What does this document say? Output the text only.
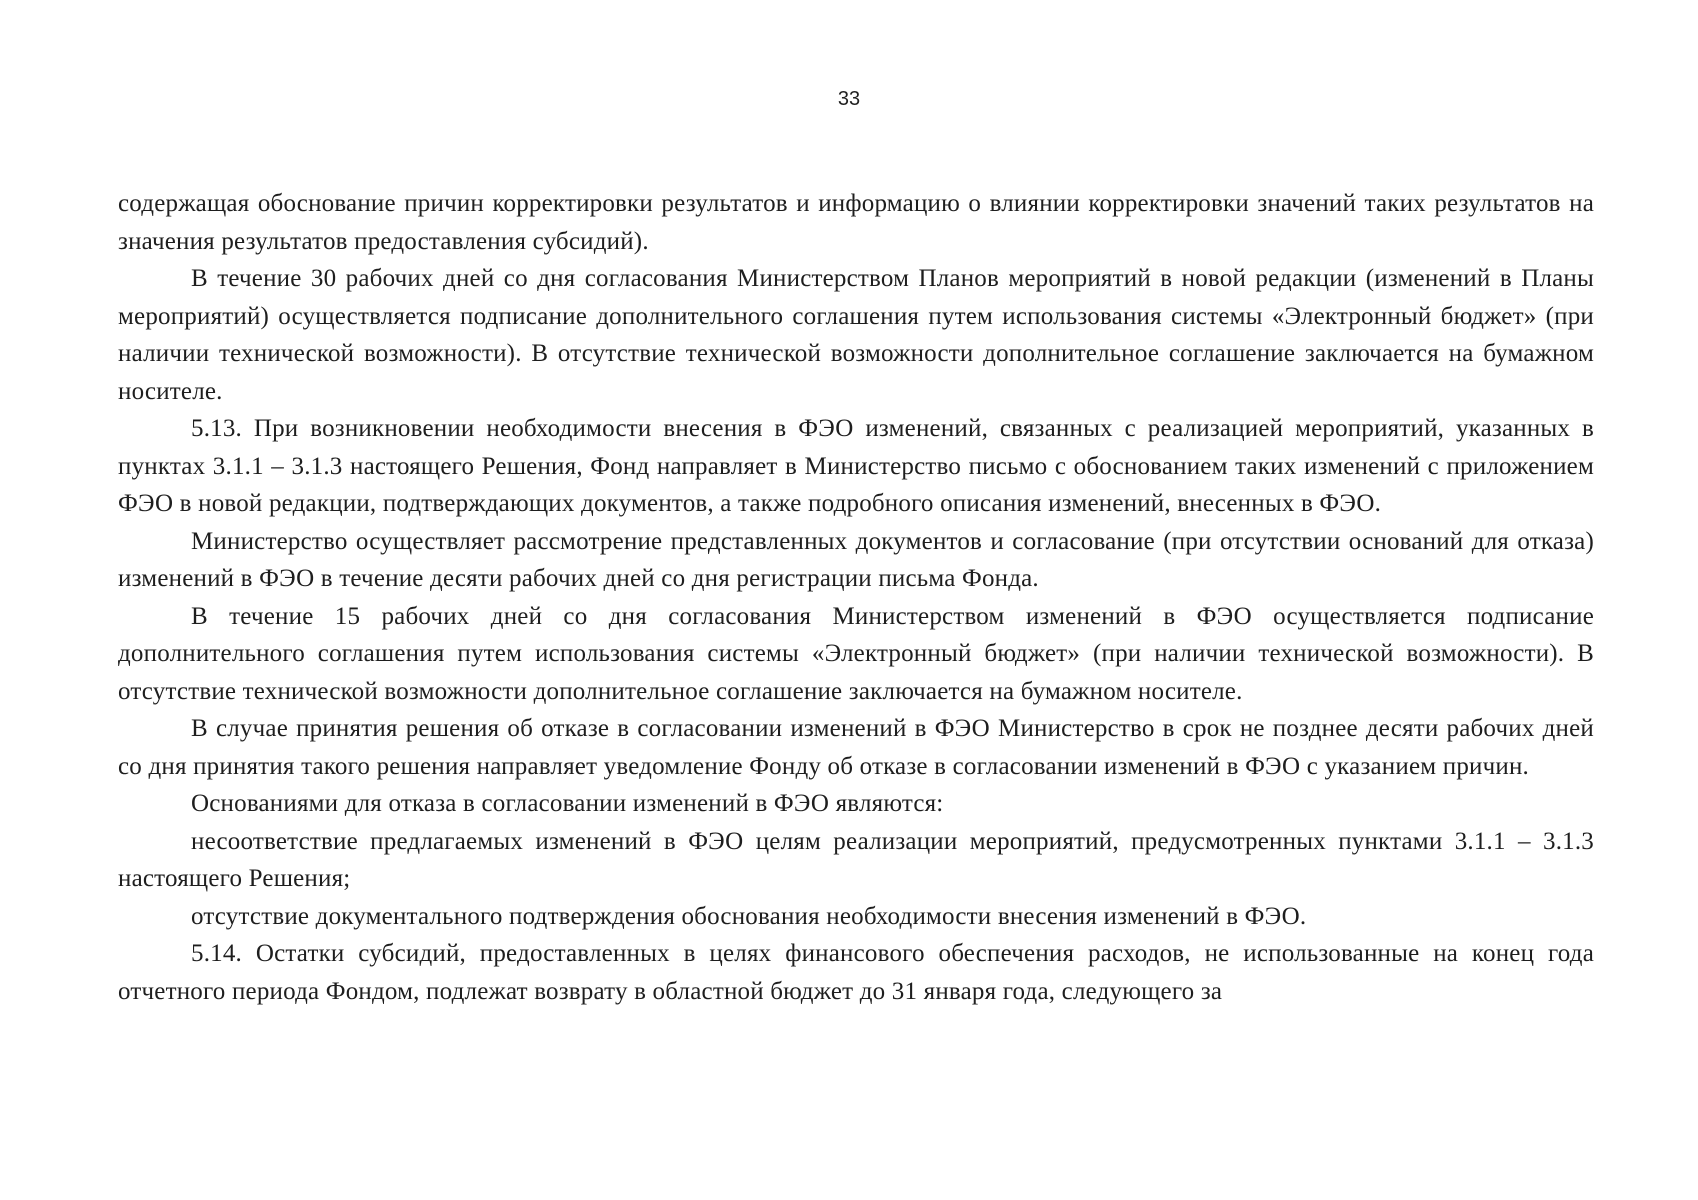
33

содержащая обоснование причин корректировки результатов и информацию о влиянии корректировки значений таких результатов на значения результатов предоставления субсидий).

В течение 30 рабочих дней со дня согласования Министерством Планов мероприятий в новой редакции (изменений в Планы мероприятий) осуществляется подписание дополнительного соглашения путем использования системы «Электронный бюджет» (при наличии технической возможности). В отсутствие технической возможности дополнительное соглашение заключается на бумажном носителе.

5.13. При возникновении необходимости внесения в ФЭО изменений, связанных с реализацией мероприятий, указанных в пунктах 3.1.1 – 3.1.3 настоящего Решения, Фонд направляет в Министерство письмо с обоснованием таких изменений с приложением ФЭО в новой редакции, подтверждающих документов, а также подробного описания изменений, внесенных в ФЭО.

Министерство осуществляет рассмотрение представленных документов и согласование (при отсутствии оснований для отказа) изменений в ФЭО в течение десяти рабочих дней со дня регистрации письма Фонда.

В течение 15 рабочих дней со дня согласования Министерством изменений в ФЭО осуществляется подписание дополнительного соглашения путем использования системы «Электронный бюджет» (при наличии технической возможности). В отсутствие технической возможности дополнительное соглашение заключается на бумажном носителе.

В случае принятия решения об отказе в согласовании изменений в ФЭО Министерство в срок не позднее десяти рабочих дней со дня принятия такого решения направляет уведомление Фонду об отказе в согласовании изменений в ФЭО с указанием причин.

Основаниями для отказа в согласовании изменений в ФЭО являются:

несоответствие предлагаемых изменений в ФЭО целям реализации мероприятий, предусмотренных пунктами 3.1.1 – 3.1.3 настоящего Решения;

отсутствие документального подтверждения обоснования необходимости внесения изменений в ФЭО.

5.14. Остатки субсидий, предоставленных в целях финансового обеспечения расходов, не использованные на конец года отчетного периода Фондом, подлежат возврату в областной бюджет до 31 января года, следующего за
